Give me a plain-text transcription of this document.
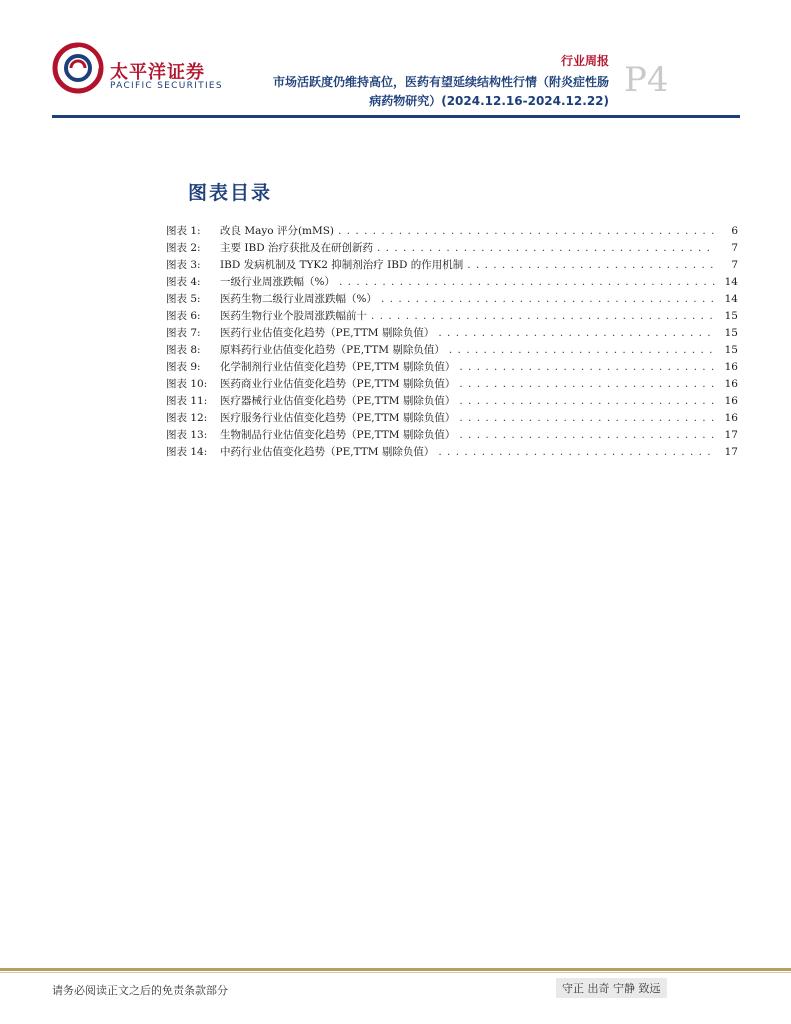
太平洋证券
PACIFIC SECURITIES
行业周报
市场活跃度仍维持高位，医药有望延续结构性行情（附炎症性肠
病药物研究）(2024.12.16-2024.12.22)
P4
图表目录
图表 1:	改良 Mayo 评分(mMS) . . .	6
图表 2:	主要 IBD 治疗获批及在研创新药 . . .	7
图表 3:	IBD 发病机制及 TYK2 抑制剂治疗 IBD 的作用机制 . . .	7
图表 4:	一级行业周涨跌幅（%） . . .	14
图表 5:	医药生物二级行业周涨跌幅（%） . . .	14
图表 6:	医药生物行业个股周涨跌幅前十 . . .	15
图表 7:	医药行业估值变化趋势（PE,TTM 剔除负值） . . .	15
图表 8:	原料药行业估值变化趋势（PE,TTM 剔除负值） . . .	15
图表 9:	化学制剂行业估值变化趋势（PE,TTM 剔除负值） . . .	16
图表 10:	医药商业行业估值变化趋势（PE,TTM 剔除负值） . . .	16
图表 11:	医疗器械行业估值变化趋势（PE,TTM 剔除负值） . . .	16
图表 12:	医疗服务行业估值变化趋势（PE,TTM 剔除负值） . . .	16
图表 13:	生物制品行业估值变化趋势（PE,TTM 剔除负值） . . .	17
图表 14:	中药行业估值变化趋势（PE,TTM 剔除负值） . . .	17
请务必阅读正文之后的免责条款部分	守正 出奇 宁静 致远
